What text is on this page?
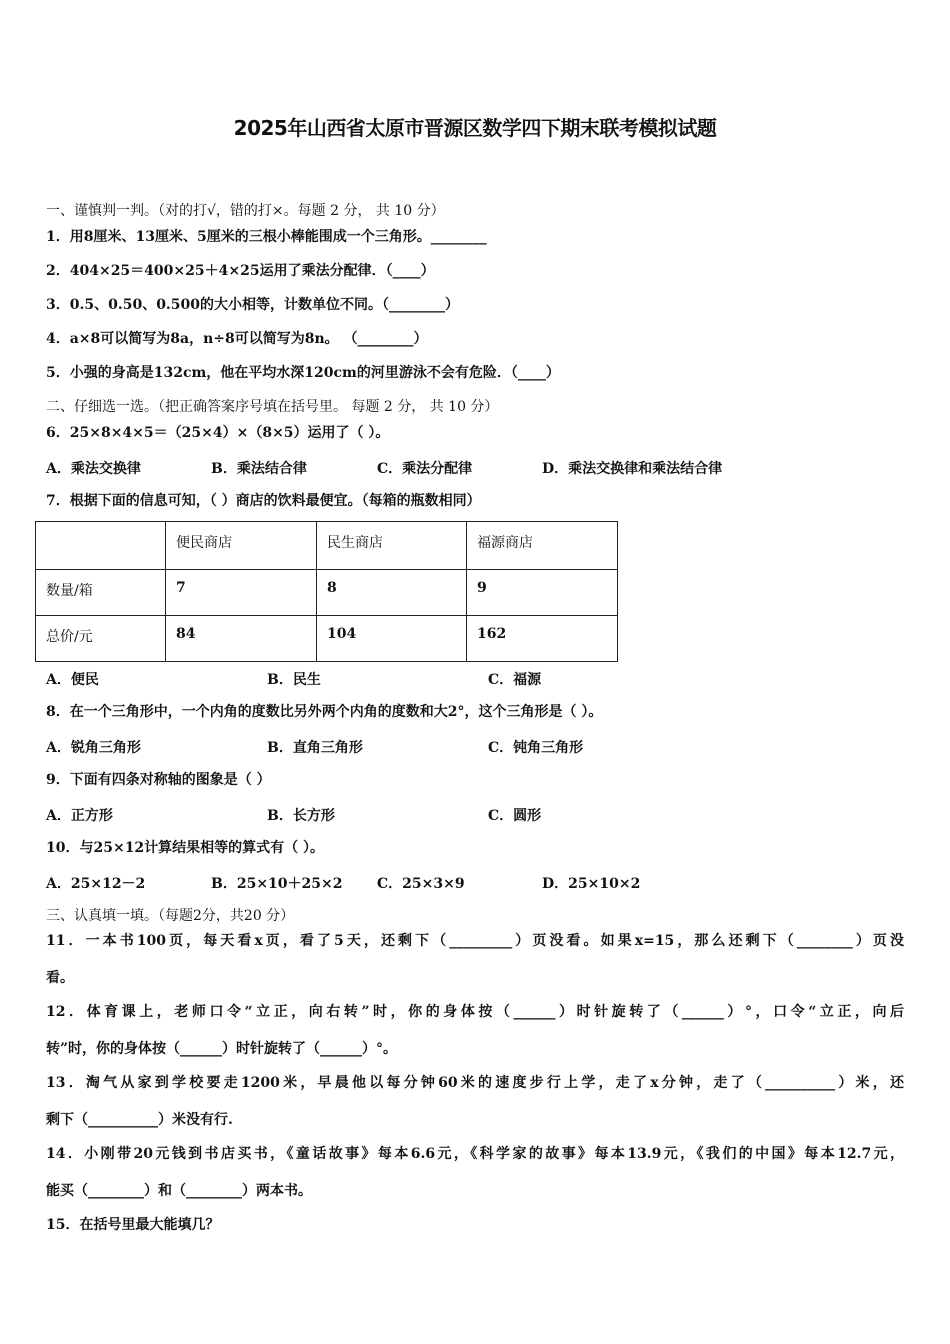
2025年山西省太原市晋源区数学四下期末联考模拟试题
一、谨慎判一判。（对的打√，错的打×。每题 2 分， 共 10 分）
1．用8厘米、13厘米、5厘米的三根小棒能围成一个三角形。________
2．404×25＝400×25＋4×25运用了乘法分配律．（____）
3．0.5、0.50、0.500的大小相等，计数单位不同。（________）
4．a×8可以简写为8a，n÷8可以简写为8n。 （________）
5．小强的身高是132cm，他在平均水深120cm的河里游泳不会有危险．（____）
二、仔细选一选。（把正确答案序号填在括号里。 每题 2 分， 共 10 分）
6．25×8×4×5＝（25×4）×（8×5）运用了（ ）。
A．乘法交换律	B．乘法结合律	C．乘法分配律	D．乘法交换律和乘法结合律
7．根据下面的信息可知，（ ）商店的饮料最便宜。（每箱的瓶数相同）
	便民商店	民生商店	福源商店
数量/箱	7	8	9
总价/元	84	104	162
A．便民	B．民生	C．福源
8．在一个三角形中，一个内角的度数比另外两个内角的度数和大2°，这个三角形是（ ）。
A．锐角三角形	B．直角三角形	C．钝角三角形
9．下面有四条对称轴的图象是（ ）
A．正方形	B．长方形	C．圆形
10．与25×12计算结果相等的算式有（ ）。
A．25×12－2	B．25×10＋25×2 C．25×3×9	D．25×10×2
三、认真填一填。（每题2分，共20 分）
11．一本书100页，每天看x页，看了5天，还剩下（_________）页没看。如果x=15，那么还剩下（________）页没
看。
12．体育课上，老师口令“立正，向右转”时，你的身体按（______）时针旋转了（______）°，口令“立正，向后
转”时，你的身体按（______）时针旋转了（______）°。
13．淘气从家到学校要走1200米，早晨他以每分钟60米的速度步行上学，走了x分钟，走了（__________）米，还
剩下（__________）米没有行.
14．小刚带20元钱到书店买书，《童话故事》每本6.6元，《科学家的故事》每本13.9元，《我们的中国》每本12.7元，
能买（________）和（________）两本书。
15．在括号里最大能填几？
